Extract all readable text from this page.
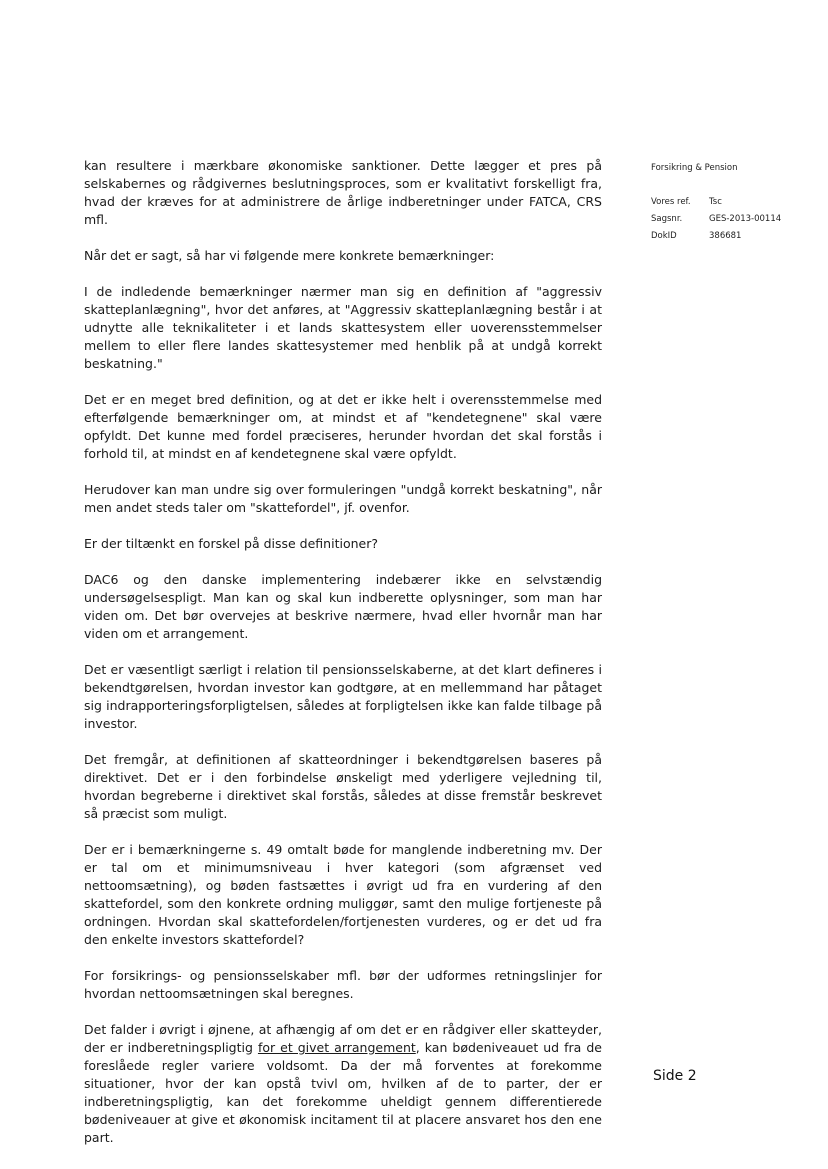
kan resultere i mærkbare økonomiske sanktioner. Dette lægger et pres på selskabernes og rådgivernes beslutningsproces, som er kvalitativt forskelligt fra, hvad der kræves for at administrere de årlige indberetninger under FATCA, CRS mfl.

Når det er sagt, så har vi følgende mere konkrete bemærkninger:

I de indledende bemærkninger nærmer man sig en definition af "aggressiv skatteplanlægning", hvor det anføres, at "Aggressiv skatteplanlægning består i at udnytte alle teknikaliteter i et lands skattesystem eller uoverensstemmelser mellem to eller flere landes skattesystemer med henblik på at undgå korrekt beskatning."

Det er en meget bred definition, og at det er ikke helt i overensstemmelse med efterfølgende bemærkninger om, at mindst et af "kendetegnene" skal være opfyldt. Det kunne med fordel præciseres, herunder hvordan det skal forstås i forhold til, at mindst en af kendetegnene skal være opfyldt.

Herudover kan man undre sig over formuleringen "undgå korrekt beskatning", når men andet steds taler om "skattefordel", jf. ovenfor.

Er der tiltænkt en forskel på disse definitioner?

DAC6 og den danske implementering indebærer ikke en selvstændig undersøgelsespligt. Man kan og skal kun indberette oplysninger, som man har viden om. Det bør overvejes at beskrive nærmere, hvad eller hvornår man har viden om et arrangement.

Det er væsentligt særligt i relation til pensionsselskaberne, at det klart defineres i bekendtgørelsen, hvordan investor kan godtgøre, at en mellemmand har påtaget sig indrapporteringsforpligtelsen, således at forpligtelsen ikke kan falde tilbage på investor.

Det fremgår, at definitionen af skatteordninger i bekendtgørelsen baseres på direktivet. Det er i den forbindelse ønskeligt med yderligere vejledning til, hvordan begreberne i direktivet skal forstås, således at disse fremstår beskrevet så præcist som muligt.

Der er i bemærkningerne s. 49 omtalt bøde for manglende indberetning mv. Der er tal om et minimumsniveau i hver kategori (som afgrænset ved nettoomsætning), og bøden fastsættes i øvrigt ud fra en vurdering af den skattefordel, som den konkrete ordning muliggør, samt den mulige fortjeneste på ordningen. Hvordan skal skattefordelen/fortjenesten vurderes, og er det ud fra den enkelte investors skattefordel?

For forsikrings- og pensionsselskaber mfl. bør der udformes retningslinjer for hvordan nettoomsætningen skal beregnes.

Det falder i øvrigt i øjnene, at afhængig af om det er en rådgiver eller skatteyder, der er indberetningspligtig for et givet arrangement, kan bødeniveauet ud fra de foreslåede regler variere voldsomt. Da der må forventes at forekomme situationer, hvor der kan opstå tvivl om, hvilken af de to parter, der er indberetningspligtig, kan det forekomme uheldigt gennem differentierede bødeniveauer at give et økonomisk incitament til at placere ansvaret hos den ene part.

Forsikring & Pension
Vores ref.	Tsc
Sagsnr.	GES-2013-00114
DokID	386681
Side 2
